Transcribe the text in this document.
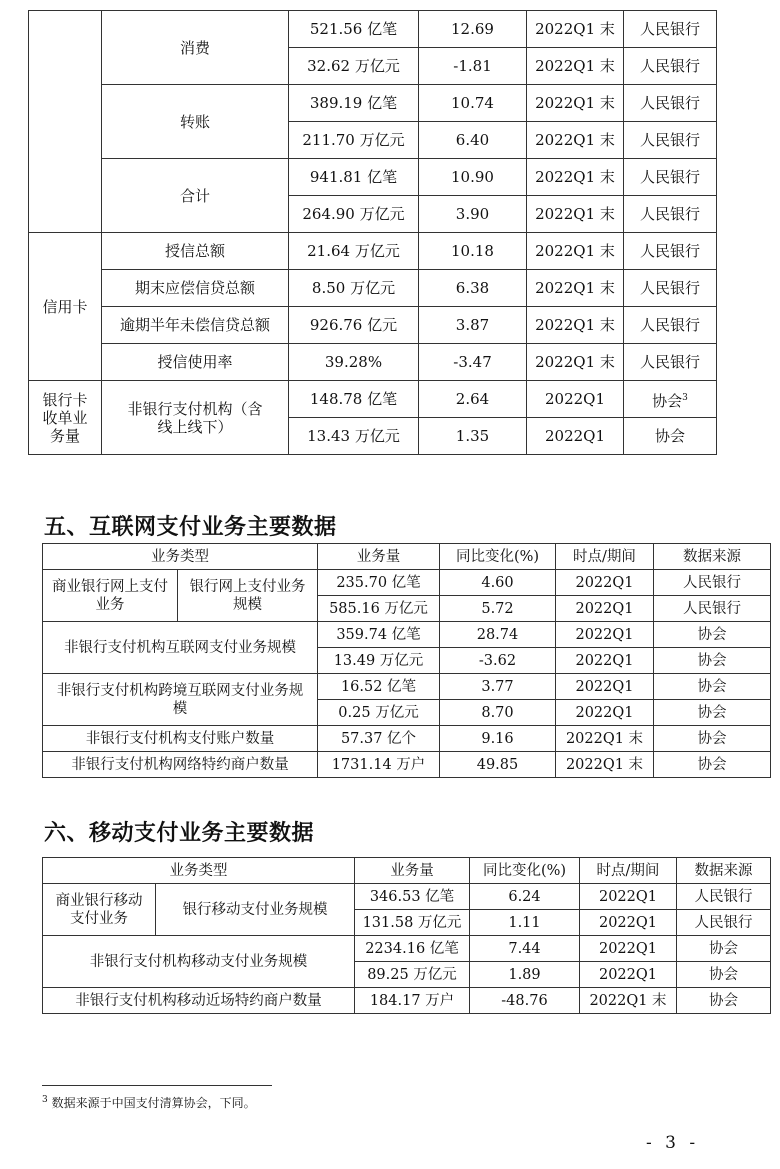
	消费	521.56 亿笔	12.69	2022Q1 末	人民银行
		32.62 万亿元	-1.81	2022Q1 末	人民银行
	转账	389.19 亿笔	10.74	2022Q1 末	人民银行
		211.70 万亿元	6.40	2022Q1 末	人民银行
	合计	941.81 亿笔	10.90	2022Q1 末	人民银行
		264.90 万亿元	3.90	2022Q1 末	人民银行
信用卡	授信总额	21.64 万亿元	10.18	2022Q1 末	人民银行
	期末应偿信贷总额	8.50 万亿元	6.38	2022Q1 末	人民银行
	逾期半年未偿信贷总额	926.76 亿元	3.87	2022Q1 末	人民银行
	授信使用率	39.28%	-3.47	2022Q1 末	人民银行
银行卡收单业务量	非银行支付机构（含线上线下）	148.78 亿笔	2.64	2022Q1	协会$^3$
		13.43 万亿元	1.35	2022Q1	协会
五、互联网支付业务主要数据
业务类型		业务量	同比变化(%)	时点/期间	数据来源
商业银行网上支付业务	银行网上支付业务规模	235.70 亿笔	4.60	2022Q1	人民银行
		585.16 万亿元	5.72	2022Q1	人民银行
非银行支付机构互联网支付业务规模		359.74 亿笔	28.74	2022Q1	协会
		13.49 万亿元	-3.62	2022Q1	协会
非银行支付机构跨境互联网支付业务规模		16.52 亿笔	3.77	2022Q1	协会
		0.25 万亿元	8.70	2022Q1	协会
非银行支付机构支付账户数量		57.37 亿个	9.16	2022Q1 末	协会
非银行支付机构网络特约商户数量		1731.14 万户	49.85	2022Q1 末	协会
六、移动支付业务主要数据
业务类型		业务量	同比变化(%)	时点/期间	数据来源
商业银行移动支付业务	银行移动支付业务规模	346.53 亿笔	6.24	2022Q1	人民银行
		131.58 万亿元	1.11	2022Q1	人民银行
非银行支付机构移动支付业务规模		2234.16 亿笔	7.44	2022Q1	协会
		89.25 万亿元	1.89	2022Q1	协会
非银行支付机构移动近场特约商户数量		184.17 万户	-48.76	2022Q1 末	协会
$^3$ 数据来源于中国支付清算协会，下同。
- 3 -
